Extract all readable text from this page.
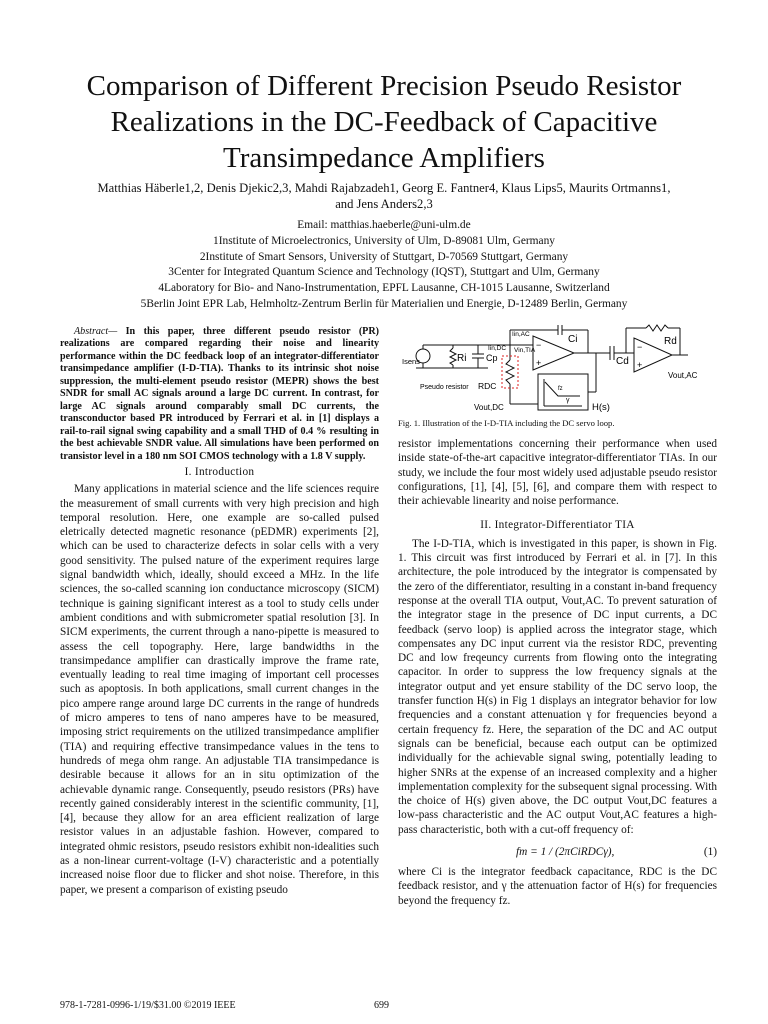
Comparison of Different Precision Pseudo Resistor
Realizations in the DC-Feedback of Capacitive
Transimpedance Amplifiers
Matthias Häberle1,2, Denis Djekic2,3, Mahdi Rajabzadeh1, Georg E. Fantner4, Klaus Lips5, Maurits Ortmanns1,
and Jens Anders2,3
Email: matthias.haeberle@uni-ulm.de
1Institute of Microelectronics, University of Ulm, D-89081 Ulm, Germany
2Institute of Smart Sensors, University of Stuttgart, D-70569 Stuttgart, Germany
3Center for Integrated Quantum Science and Technology (IQST), Stuttgart and Ulm, Germany
4Laboratory for Bio- and Nano-Instrumentation, EPFL Lausanne, CH-1015 Lausanne, Switzerland
5Berlin Joint EPR Lab, Helmholtz-Zentrum Berlin für Materialien und Energie, D-12489 Berlin, Germany
Abstract— In this paper, three different pseudo resistor (PR) realizations are compared regarding their noise and linearity performance within the DC feedback loop of an integrator-differentiator transimpedance amplifier (I-D-TIA). Thanks to its intrinsic shot noise suppression, the multi-element pseudo resistor (MEPR) shows the best SNDR for small AC signals around a large DC current. In contrast, for large AC signals around comparably small DC currents, the transconductor based PR introduced by Ferrari et al. in [1] displays a rail-to-rail signal swing capability and a small THD of 0.4 % resulting in the best achievable SNDR value. All simulations have been performed on transistor level in a 180 nm SOI CMOS technology with a 1.8 V supply.
I. Introduction

Many applications in material science and the life sciences require the measurement of small currents with very high precision and high temporal resolution. Here, one example are so-called pulsed eletrically detected magnetic resonance (pEDMR) experiments [2], which can be used to characterize defects in solar cells with a very good sensitivity. The pulsed nature of the experiment requires large signal bandwidth which, ideally, should exceed a MHz. In the life sciences, the so-called scanning ion conductance microscopy (SICM) technique is gaining significant interest as a tool to study cells under ambient conditions and with submicrometer spatial resolution [3]. In SICM experiments, the current through a nano-pipette is measured to assess the cell topography. Here, large bandwidths in the transimpedance amplifier can drastically improve the frame rate, eventually leading to real time imaging of important cell processes such as apoptosis. In both applications, small current changes in the pico ampere range around large DC currents in the range of hundreds of micro amperes to tens of nano amperes have to be measured, imposing strict requirements on the utilized transimpedance amplifier (TIA) and requiring effective transimpedance values in the tens to hundreds of mega ohm range. An adjustable TIA transimpedance is desirable because it allows for an in situ optimization of the achievable dynamic range. Consequently, pseudo resistors (PRs) have recently gained considerably interest in the scientific community, [1], [4], because they allow for an area efficient realization of large resistor values in an adjustable fashion. However, compared to integrated ohmic resistors, pseudo resistors exhibit non-idealities such as a non-linear current-voltage (I-V) characteristic and a potentially increased noise floor due to flicker and shot noise. Therefore, in this paper, we present a comparison of existing pseudo

−
+
−
+
Isens	Ri Cp
Iin,AC
Iin,DC Vin,TIA
Ci
Cd
Rd
Vout,AC
Pseudo resistor RDC
Vout,DC
fz
γ
H(s)
Fig. 1. Illustration of the I-D-TIA including the DC servo loop.
resistor implementations concerning their performance when used inside state-of-the-art capacitive integrator-differentiator TIAs. In our study, we include the four most widely used adjustable pseudo resistor configurations, [1], [4], [5], [6], and compare them with respect to their achievable linearity and noise performance.
II. Integrator-Differentiator TIA

The I-D-TIA, which is investigated in this paper, is shown in Fig. 1. This circuit was first introduced by Ferrari et al. in [7]. In this architecture, the pole introduced by the integrator is compensated by the zero of the differentiator, resulting in a constant in-band frequency response at the overall TIA output, Vout,AC. To prevent saturation of the integrator stage in the presence of DC input currents, a DC feedback (servo loop) is applied across the integrator stage, which compensates any DC input current via the resistor RDC, preventing DC and low freqeuncy currents from flowing onto the integrating capacitor. In order to suppress the low frequency signals at the integrator output and yet ensure stability of the DC servo loop, the transfer function H(s) in Fig 1 displays an integrator behavior for low frequencies and a constant attenuation γ for frequencies beyond a certain frequency fz. Here, the separation of the DC and AC output signals can be beneficial, because each output can be optimized individually for the achievable signal swing, potentially leading to higher SNRs at the expense of an increased complexity and a higher implementation complexity for the subsequent signal processing. With the choice of H(s) given above, the DC output Vout,DC features a low-pass characteristic and the AC output Vout,AC features a high-pass characteristic, both with a cut-off frequency of:

fm = 1 / (2πCiRDCγ),	(1)
where Ci is the integrator feedback capacitance, RDC is the DC feedback resistor, and γ the attenuation factor of H(s) for frequencies beyond the frequency fz.
978-1-7281-0996-1/19/$31.00 ©2019 IEEE	699
